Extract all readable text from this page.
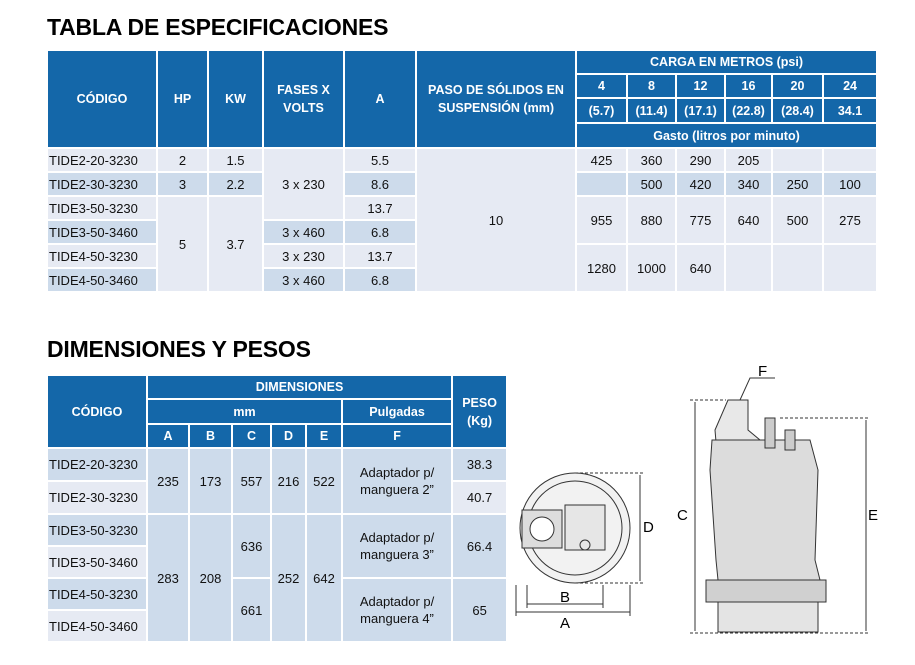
TABLA DE ESPECIFICACIONES
CÓDIGO	HP	KW	FASES X VOLTS	A	PASO DE SÓLIDOS EN SUSPENSIÓN (mm)	CARGA EN METROS (psi)					
						4	8	12	16	20	24
						(5.7)	(11.4)	(17.1)	(22.8)	(28.4)	34.1
						Gasto (litros por minuto)					
TIDE2-20-3230	2	1.5	3 x 230	5.5	10	425	360	290	205		
TIDE2-30-3230	3	2.2		8.6			500	420	340	250	100
TIDE3-50-3230	5	3.7		13.7		955	880	775	640	500	275
TIDE3-50-3460			3 x 460	6.8							
TIDE4-50-3230			3 x 230	13.7		1280	1000	640			
TIDE4-50-3460			3 x 460	6.8							
DIMENSIONES Y PESOS
CÓDIGO	DIMENSIONES						PESO (Kg)
	mm					Pulgadas	
	A	B	C	D	E	F	
TIDE2-20-3230	235	173	557	216	522	Adaptador p/ manguera 2”	38.3
TIDE2-30-3230							40.7
TIDE3-50-3230	283	208	636	252	642	Adaptador p/ manguera 3”	66.4
TIDE3-50-3460							
TIDE4-50-3230			661			Adaptador p/ manguera 4”	65
TIDE4-50-3460							
F
C	E
D
B
A
